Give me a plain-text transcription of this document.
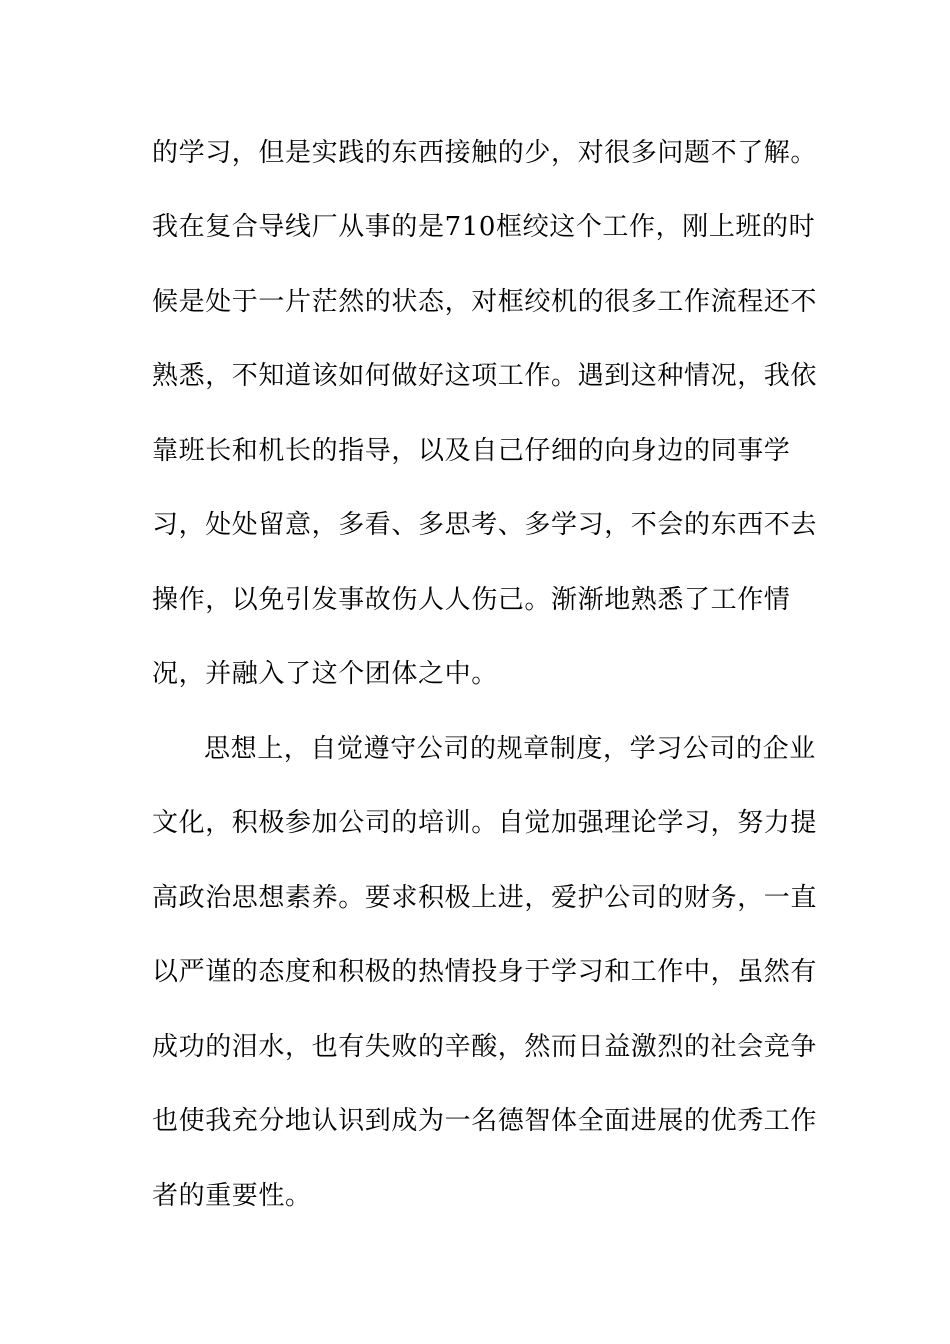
的学习，但是实践的东西接触的少，对很多问题不了解。
我在复合导线厂从事的是710框绞这个工作，刚上班的时
候是处于一片茫然的状态，对框绞机的很多工作流程还不
熟悉，不知道该如何做好这项工作。遇到这种情况，我依
靠班长和机长的指导，以及自己仔细的向身边的同事学
习，处处留意，多看、多思考、多学习，不会的东西不去
操作，以免引发事故伤人人伤己。渐渐地熟悉了工作情
况，并融入了这个团体之中。
思想上，自觉遵守公司的规章制度，学习公司的企业
文化，积极参加公司的培训。自觉加强理论学习，努力提
高政治思想素养。要求积极上进，爱护公司的财务，一直
以严谨的态度和积极的热情投身于学习和工作中，虽然有
成功的泪水，也有失败的辛酸，然而日益激烈的社会竞争
也使我充分地认识到成为一名德智体全面进展的优秀工作
者的重要性。
